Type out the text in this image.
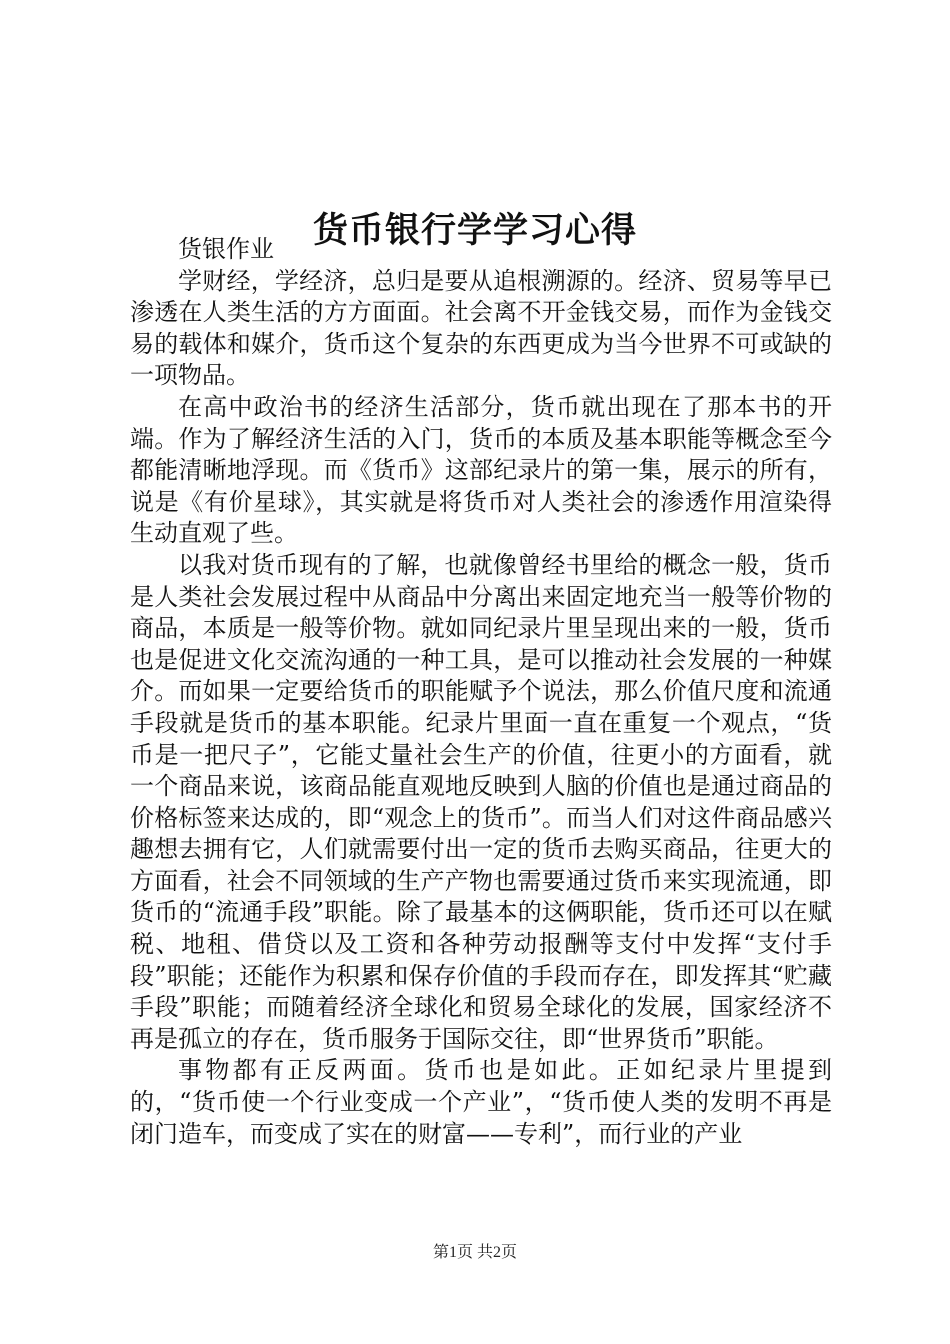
货币银行学学习心得

货银作业

学财经，学经济，总归是要从追根溯源的。经济、贸易等早已渗透在人类生活的方方面面。社会离不开金钱交易，而作为金钱交易的载体和媒介，货币这个复杂的东西更成为当今世界不可或缺的一项物品。

在高中政治书的经济生活部分，货币就出现在了那本书的开端。作为了解经济生活的入门，货币的本质及基本职能等概念至今都能清晰地浮现。而《货币》这部纪录片的第一集，展示的所有，说是《有价星球》，其实就是将货币对人类社会的渗透作用渲染得生动直观了些。

以我对货币现有的了解，也就像曾经书里给的概念一般，货币是人类社会发展过程中从商品中分离出来固定地充当一般等价物的商品，本质是一般等价物。就如同纪录片里呈现出来的一般，货币也是促进文化交流沟通的一种工具，是可以推动社会发展的一种媒介。而如果一定要给货币的职能赋予个说法，那么价值尺度和流通手段就是货币的基本职能。纪录片里面一直在重复一个观点，“货币是一把尺子”，它能丈量社会生产的价值，往更小的方面看，就一个商品来说，该商品能直观地反映到人脑的价值也是通过商品的价格标签来达成的，即“观念上的货币”。而当人们对这件商品感兴趣想去拥有它，人们就需要付出一定的货币去购买商品，往更大的方面看，社会不同领域的生产产物也需要通过货币来实现流通，即货币的“流通手段”职能。除了最基本的这俩职能，货币还可以在赋税、地租、借贷以及工资和各种劳动报酬等支付中发挥“支付手段”职能；还能作为积累和保存价值的手段而存在，即发挥其“贮藏手段”职能；而随着经济全球化和贸易全球化的发展，国家经济不再是孤立的存在，货币服务于国际交往，即“世界货币”职能。

事物都有正反两面。货币也是如此。正如纪录片里提到的，“货币使一个行业变成一个产业”，“货币使人类的发明不再是闭门造车，而变成了实在的财富——专利”，而行业的产业

第1页 共2页
